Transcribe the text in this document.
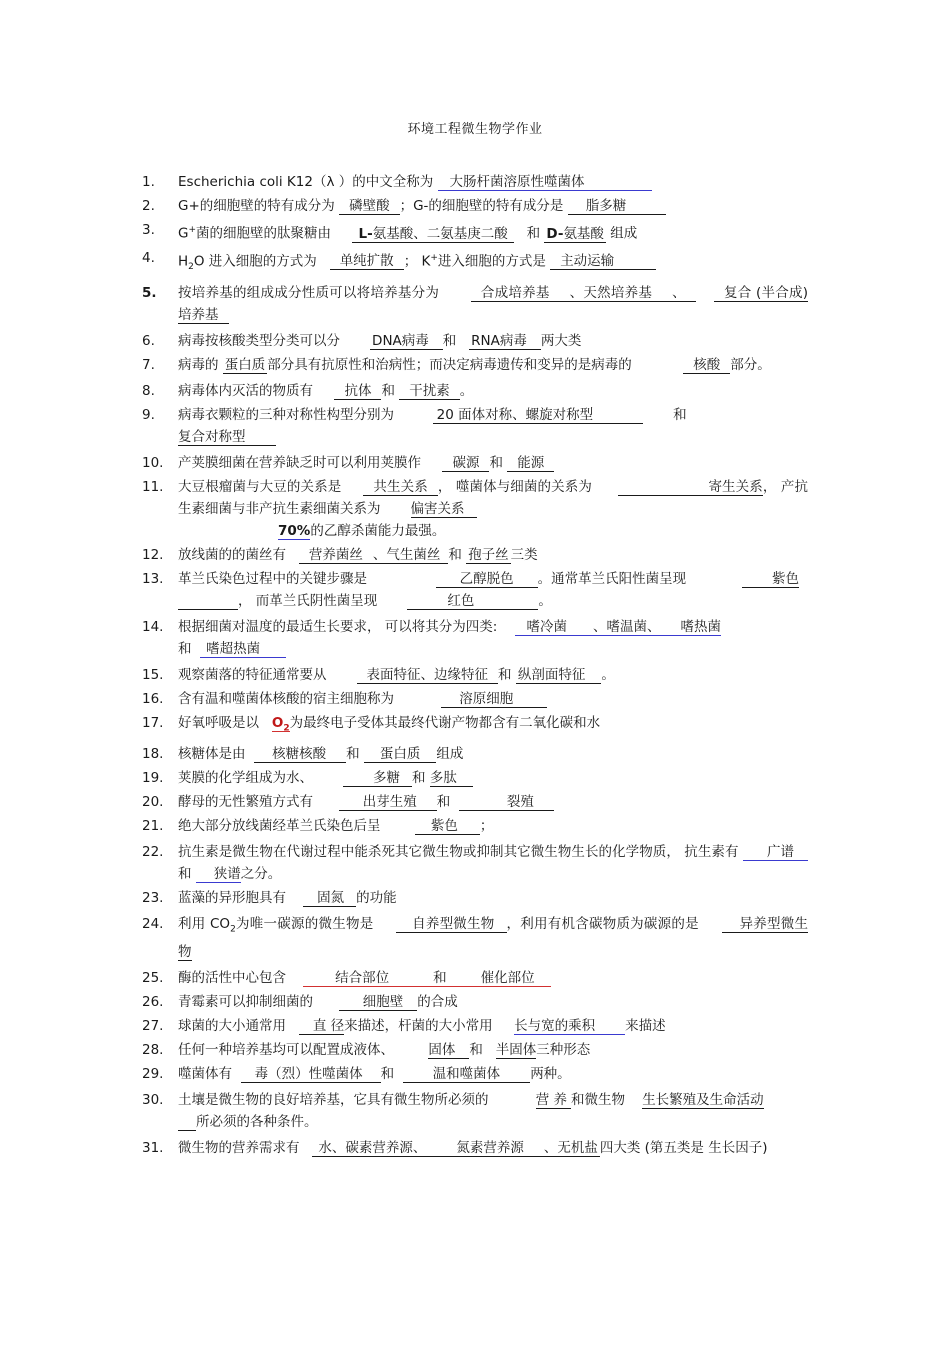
环境工程微生物学作业
1.	Escherichia coli K12（λ ）的中文全称为 大肠杆菌溶原性噬菌体
2.	G+的细胞壁的特有成分为 磷壁酸 ；G-的细胞壁的特有成分是 脂多糖
3.	G+菌的细胞壁的肽聚糖由 L-氨基酸、二氨基庚二酸 和 D-氨基酸 组成
4.	$H_2O$ 进入细胞的方式为 单纯扩散 ； K+进入细胞的方式是 主动运输
5.	按培养基的组成成分性质可以将培养基分为	合成培养基 、天然培养基 、	复合 (半合成)培养基
6.	病毒按核酸类型分类可以分 DNA病毒 和 RNA病毒 两大类
7.	病毒的 蛋白质 部分具有抗原性和治病性；而决定病毒遗传和变异的是病毒的	核酸 部分。
8.	病毒体内灭活的物质有 抗体 和 干扰素 。
9.	病毒衣颗粒的三种对称性构型分别为	20 面体对称、螺旋对称型	和
复合对称型
10.	产荚膜细菌在营养缺乏时可以利用荚膜作 碳源 和 能源
11.	大豆根瘤菌与大豆的关系是 共生关系 ， 噬菌体与细菌的关系为	寄生关系， 产抗生素细菌与非产抗生素细菌关系为 偏害关系
70%的乙醇杀菌能力最强。
12.	放线菌的的菌丝有 营养菌丝 、气生菌丝 和 孢子丝 三类
13.	革兰氏染色过程中的关键步骤是	乙醇脱色 。通常革兰氏阳性菌呈现	紫色
， 而革兰氏阴性菌呈现	红色	。
14.	根据细菌对温度的最适生长要求， 可以将其分为四类: 嗜冷菌 、嗜温菌、 嗜热菌
和 嗜超热菌
15.	观察菌落的特征通常要从	表面特征、边缘特征 和 纵剖面特征 。
16.	含有温和噬菌体核酸的宿主细胞称为	溶原细胞
17.	好氧呼吸是以 $O_2$为最终电子受体其最终代谢产物都含有二氧化碳和水
18.	核糖体是由 核糖核酸 和 蛋白质 组成
19.	荚膜的化学组成为水、	多糖 和 多肽
20.	酵母的无性繁殖方式有	出芽生殖 和	裂殖
21.	绝大部分放线菌经革兰氏染色后呈	紫色 ；
22.	抗生素是微生物在代谢过程中能杀死其它微生物或抑制其它微生物生长的化学物质， 抗生素有 广谱和 狭谱之分。
23.	蓝藻的异形胞具有 固氮 的功能
24.	利用 $CO_2$为唯一碳源的微生物是	自养型微生物 ，利用有机含碳物质为碳源的是	异养型微生物
25.	酶的活性中心包含	结合部位	和	催化部位
26.	青霉素可以抑制细菌的	细胞壁 的合成
27.	球菌的大小通常用 直 径来描述，杆菌的大小常用 长与宽的乘积 来描述
28.	任何一种培养基均可以配置成液体、	固体 和 半固体三种形态
29.	噬菌体有 毒（烈）性噬菌体 和	温和噬菌体 两种。
30.	土壤是微生物的良好培养基，它具有微生物所必须的	营 养 和微生物 生长繁殖及生命活动
所必须的各种条件。
31.	微生物的营养需求有 水、碳素营养源、 氮素营养源 、无机盐 四大类 (第五类是 生长因子)
